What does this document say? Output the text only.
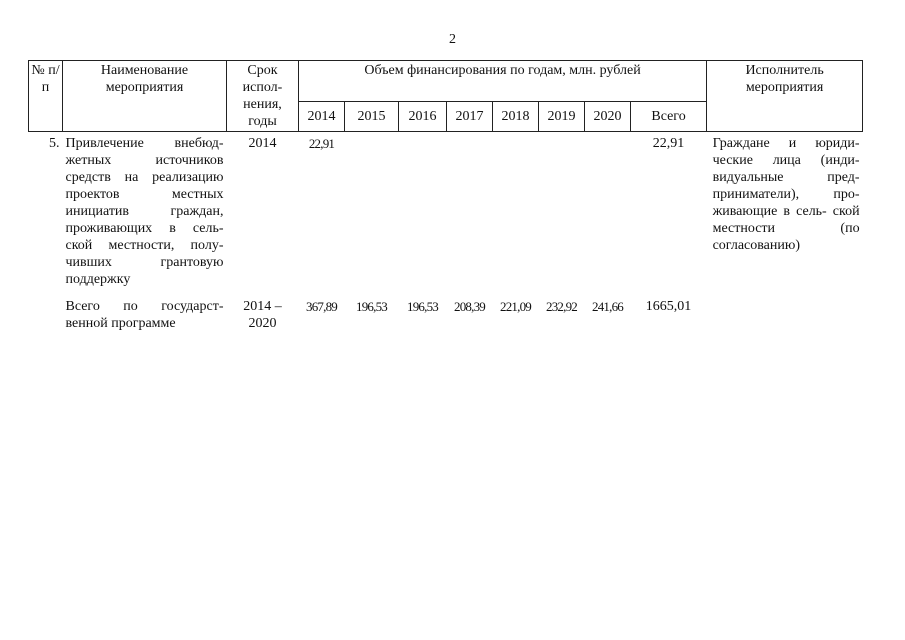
2
№ п/п	Наименование мероприятия	Срок испол- нения, годы	Объем финансирования по годам, млн. рублей								Исполнитель мероприятия
			2014	2015	2016	2017	2018	2019	2020	Всего	
5.	Привлечение внебюд- жетных источников средств на реализацию проектов местных инициатив граждан, проживающих в сель- ской местности, полу- чивших грантовую поддержку	2014	22,91							22,91	Граждане и юриди- ческие лица (инди- видуальные пред- приниматели), про- живающие в сель- ской местности (по согласованию)
	Всего по государст- венной программе	2014 – 2020	367,89	196,53	196,53	208,39	221,09	232,92	241,66	1665,01	
